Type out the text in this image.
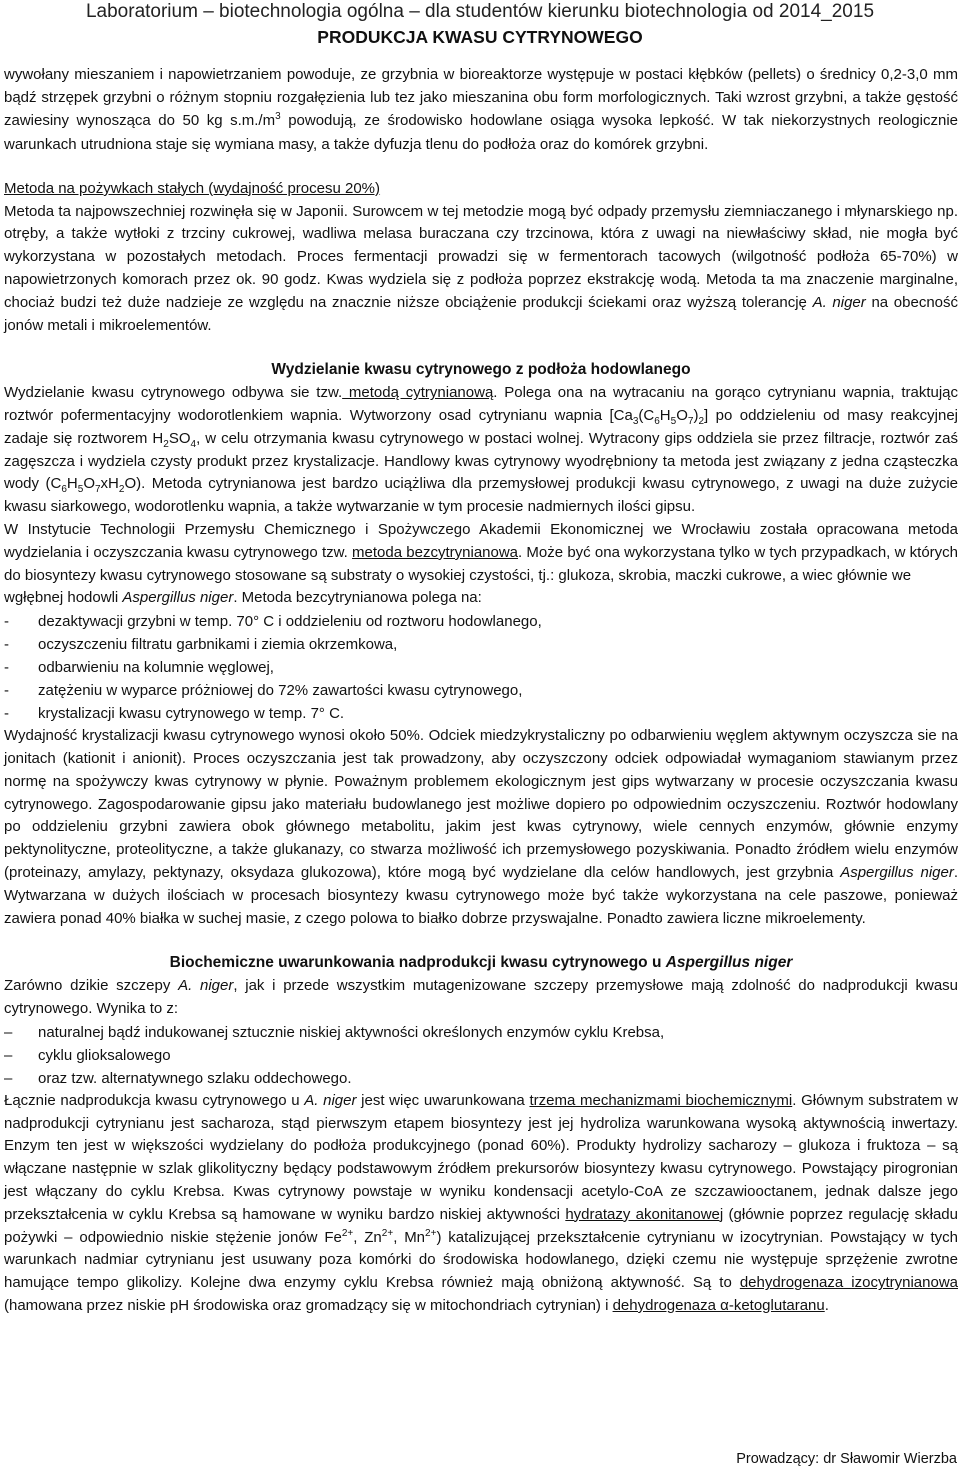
Laboratorium – biotechnologia ogólna – dla studentów kierunku biotechnologia od 2014_2015
PRODUKCJA KWASU CYTRYNOWEGO

wywołany mieszaniem i napowietrzaniem powoduje, ze grzybnia w bioreaktorze występuje w postaci kłębków (pellets) o średnicy 0,2-3,0 mm bądź strzępek grzybni o różnym stopniu rozgałęzienia lub tez jako mieszanina obu form morfologicznych. Taki wzrost grzybni, a także gęstość zawiesiny wynosząca do 50 kg $s.m./m^3$ powodują, ze środowisko hodowlane osiąga wysoka lepkość. W tak niekorzystnych reologicznie warunkach utrudniona staje się wymiana masy, a także dyfuzja tlenu do podłoża oraz do komórek grzybni.

Metoda na pożywkach stałych (wydajność procesu 20%)

Metoda ta najpowszechniej rozwinęła się w Japonii. Surowcem w tej metodzie mogą być odpady przemysłu ziemniaczanego i młynarskiego np. otręby, a także wytłoki z trzciny cukrowej, wadliwa melasa buraczana czy trzcinowa, która z uwagi na niewłaściwy skład, nie mogła być wykorzystana w pozostałych metodach. Proces fermentacji prowadzi się w fermentorach tacowych (wilgotność podłoża 65-70%) w napowietrzonych komorach przez ok. 90 godz. Kwas wydziela się z podłoża poprzez ekstrakcję wodą. Metoda ta ma znaczenie marginalne, chociaż budzi też duże nadzieje ze względu na znacznie niższe obciążenie produkcji ściekami oraz wyższą tolerancję A. niger na obecność jonów metali i mikroelementów.

Wydzielanie kwasu cytrynowego z podłoża hodowlanego

Wydzielanie kwasu cytrynowego odbywa sie tzw. metodą cytrynianową. Polega ona na wytracaniu na gorąco cytrynianu wapnia, traktując roztwór pofermentacyjny wodorotlenkiem wapnia. Wytworzony osad cytrynianu wapnia $[Ca_3(C_6H_5O_7)_2]$ po oddzieleniu od masy reakcyjnej zadaje się roztworem $H_2SO_4$, w celu otrzymania kwasu cytrynowego w postaci wolnej. Wytracony gips oddziela sie przez filtracje, roztwór zaś zagęszcza i wydziela czysty produkt przez krystalizacje. Handlowy kwas cytrynowy wyodrębniony ta metoda jest związany z jedna cząsteczka wody $(C_6H_5O_7xH_2O)$. Metoda cytrynianowa jest bardzo uciążliwa dla przemysłowej produkcji kwasu cytrynowego, z uwagi na duże zużycie kwasu siarkowego, wodorotlenku wapnia, a także wytwarzanie w tym procesie nadmiernych ilości gipsu.

W Instytucie Technologii Przemysłu Chemicznego i Spożywczego Akademii Ekonomicznej we Wrocławiu została opracowana metoda wydzielania i oczyszczania kwasu cytrynowego tzw. metoda bezcytrynianowa. Może być ona wykorzystana tylko w tych przypadkach, w których do biosyntezy kwasu cytrynowego stosowane są substraty o wysokiej czystości, tj.: glukoza, skrobia, maczki cukrowe, a wiec głównie we

wgłębnej hodowli Aspergillus niger. Metoda bezcytrynianowa polega na:

- dezaktywacji grzybni w temp. 70° C i oddzieleniu od roztworu hodowlanego,
- oczyszczeniu filtratu garbnikami i ziemia okrzemkowa,
- odbarwieniu na kolumnie węglowej,
- zatężeniu w wyparce próżniowej do 72% zawartości kwasu cytrynowego,
- krystalizacji kwasu cytrynowego w temp. 7° C.

Wydajność krystalizacji kwasu cytrynowego wynosi około 50%. Odciek miedzykrystaliczny po odbarwieniu węglem aktywnym oczyszcza sie na jonitach (kationit i anionit). Proces oczyszczania jest tak prowadzony, aby oczyszczony odciek odpowiadał wymaganiom stawianym przez normę na spożywczy kwas cytrynowy w płynie. Poważnym problemem ekologicznym jest gips wytwarzany w procesie oczyszczania kwasu cytrynowego. Zagospodarowanie gipsu jako materiału budowlanego jest możliwe dopiero po odpowiednim oczyszczeniu. Roztwór hodowlany po oddzieleniu grzybni zawiera obok głównego metabolitu, jakim jest kwas cytrynowy, wiele cennych enzymów, głównie enzymy pektynolityczne, proteolityczne, a także glukanazy, co stwarza możliwość ich przemysłowego pozyskiwania. Ponadto źródłem wielu enzymów (proteinazy, amylazy, pektynazy, oksydaza glukozowa), które mogą być wydzielane dla celów handlowych, jest grzybnia Aspergillus niger. Wytwarzana w dużych ilościach w procesach biosyntezy kwasu cytrynowego może być także wykorzystana na cele paszowe, ponieważ zawiera ponad 40% białka w suchej masie, z czego polowa to białko dobrze przyswajalne. Ponadto zawiera liczne mikroelementy.

Biochemiczne uwarunkowania nadprodukcji kwasu cytrynowego u Aspergillus niger

Zarówno dzikie szczepy A. niger, jak i przede wszystkim mutagenizowane szczepy przemysłowe mają zdolność do nadprodukcji kwasu cytrynowego. Wynika to z:

– naturalnej bądź indukowanej sztucznie niskiej aktywności określonych enzymów cyklu Krebsa,
– cyklu glioksalowego
– oraz tzw. alternatywnego szlaku oddechowego.

Łącznie nadprodukcja kwasu cytrynowego u A. niger jest więc uwarunkowana trzema mechanizmami biochemicznymi. Głównym substratem w nadprodukcji cytrynianu jest sacharoza, stąd pierwszym etapem biosyntezy jest jej hydroliza warunkowana wysoką aktywnością inwertazy. Enzym ten jest w większości wydzielany do podłoża produkcyjnego (ponad 60%). Produkty hydrolizy sacharozy – glukoza i fruktoza – są włączane następnie w szlak glikolityczny będący podstawowym źródłem prekursorów biosyntezy kwasu cytrynowego. Powstający pirogronian jest włączany do cyklu Krebsa. Kwas cytrynowy powstaje w wyniku kondensacji acetylo-CoA ze szczawiooctanem, jednak dalsze jego przekształcenia w cyklu Krebsa są hamowane w wyniku bardzo niskiej aktywności hydratazy akonitanowej (głównie poprzez regulację składu pożywki – odpowiednio niskie stężenie jonów $Fe^{2+}$, $Zn^{2+}$, $Mn^{2+}$) katalizującej przekształcenie cytrynianu w izocytrynian. Powstający w tych warunkach nadmiar cytrynianu jest usuwany poza komórki do środowiska hodowlanego, dzięki czemu nie występuje sprzężenie zwrotne hamujące tempo glikolizy. Kolejne dwa enzymy cyklu Krebsa również mają obniżoną aktywność. Są to dehydrogenaza izocytrynianowa (hamowana przez niskie pH środowiska oraz gromadzący się w mitochondriach cytrynian) i dehydrogenaza α-ketoglutaranu.

Prowadzący: dr Sławomir Wierzba
